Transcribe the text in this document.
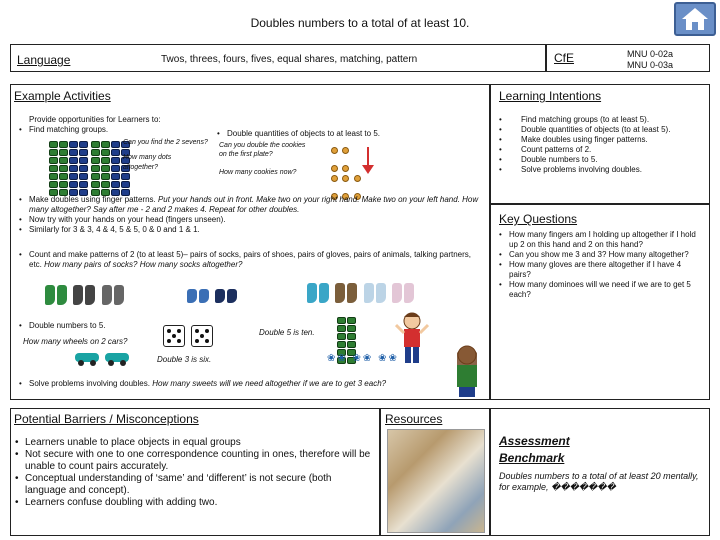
Doubles numbers to a total of at least 10.
Language	Twos, threes, fours, fives, equal shares, matching, pattern	CfE	MNU 0-02a
MNU 0-03a
Example Activities
Provide opportunities for Learners to:
• Find matching groups.
Can you find the 2 sevens?
How many dots altogether?
• Double quantities of objects to at least to 5.
Can you double the cookies on the first plate?
How many cookies now?

• Make doubles using finger patterns. Put your hands out in front. Make two on your right hand. Make two on your left hand. How many altogether? Say after me - 2 and 2 makes 4. Repeat for other doubles.
• Now try with your hands on your head (fingers unseen).
• Similarly for 3 & 3, 4 & 4, 5 & 5, 0 & 0 and 1 & 1.
• Count and make patterns of 2 (to at least 5)– pairs of socks, pairs of shoes, pairs of gloves, pairs of animals, talking partners, etc. How many pairs of socks? How many socks altogether?

• Double numbers to 5.
How many wheels on 2 cars?

Double 5 is ten.
Double 3 is six.	❀❀ ❀❀ ❀❀
• Solve problems involving doubles. How many sweets will we need altogether if we are to get 3 each?
Learning Intentions
• Find matching groups (to at least 5).
• Double quantities of objects (to at least 5).
• Make doubles using finger patterns.
• Count patterns of 2.
• Double numbers to 5.
• Solve problems involving doubles.
Key Questions
• How many fingers am I holding up altogether if I hold up 2 on this hand and 2 on this hand?
• Can you show me 3 and 3? How many altogether?
• How many gloves are there altogether if I have 4 pairs?
• How many dominoes will we need if we are to get 5 each?
Potential Barriers / Misconceptions
• Learners unable to place objects in equal groups
• Not secure with one to one correspondence counting in ones, therefore will be unable to count pairs accurately.
• Conceptual understanding of ‘same’ and ‘different’ is not secure (both language and concept).
• Learners confuse doubling with adding two.
Resources
Assessment
Benchmark
Doubles numbers to a total of at least 20 mentally, for example, �������
